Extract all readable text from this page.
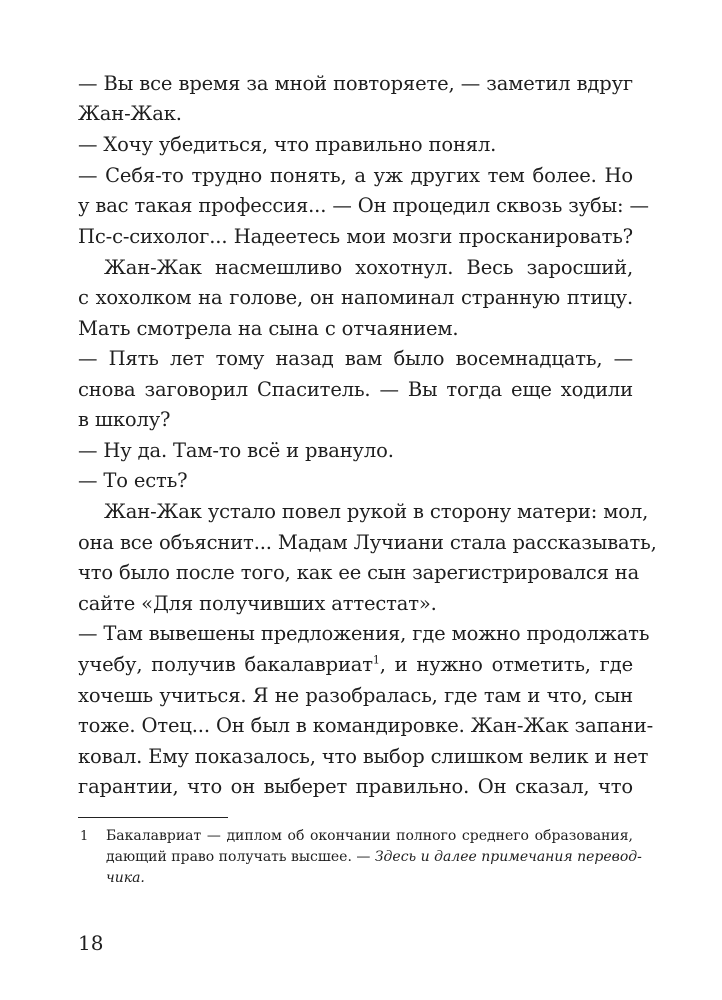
— Вы все время за мной повторяете, — заметил вдруг
Жан-Жак.
— Хочу убедиться, что правильно понял.
— Себя-то трудно понять, а уж других тем более. Но
у вас такая профессия... — Он процедил сквозь зубы: —
Пс-с-сихолог... Надеетесь мои мозги просканировать?
Жан-Жак насмешливо хохотнул. Весь заросший,
с хохолком на голове, он напоминал странную птицу.
Мать смотрела на сына с отчаянием.
— Пять лет тому назад вам было восемнадцать, —
снова заговорил Спаситель. — Вы тогда еще ходили
в школу?
— Ну да. Там-то всё и рвануло.
— То есть?
Жан-Жак устало повел рукой в сторону матери: мол,
она все объяснит... Мадам Лучиани стала рассказывать,
что было после того, как ее сын зарегистрировался на
сайте «Для получивших аттестат».
— Там вывешены предложения, где можно продолжать
учебу, получив бакалавриат$^1$, и нужно отметить, где
хочешь учиться. Я не разобралась, где там и что, сын
тоже. Отец... Он был в командировке. Жан-Жак запани-
ковал. Ему показалось, что выбор слишком велик и нет
гарантии, что он выберет правильно. Он сказал, что
1 Бакалавриат — диплом об окончании полного среднего образования,
дающий право получать высшее. — Здесь и далее примечания перевод-
чика.
18
